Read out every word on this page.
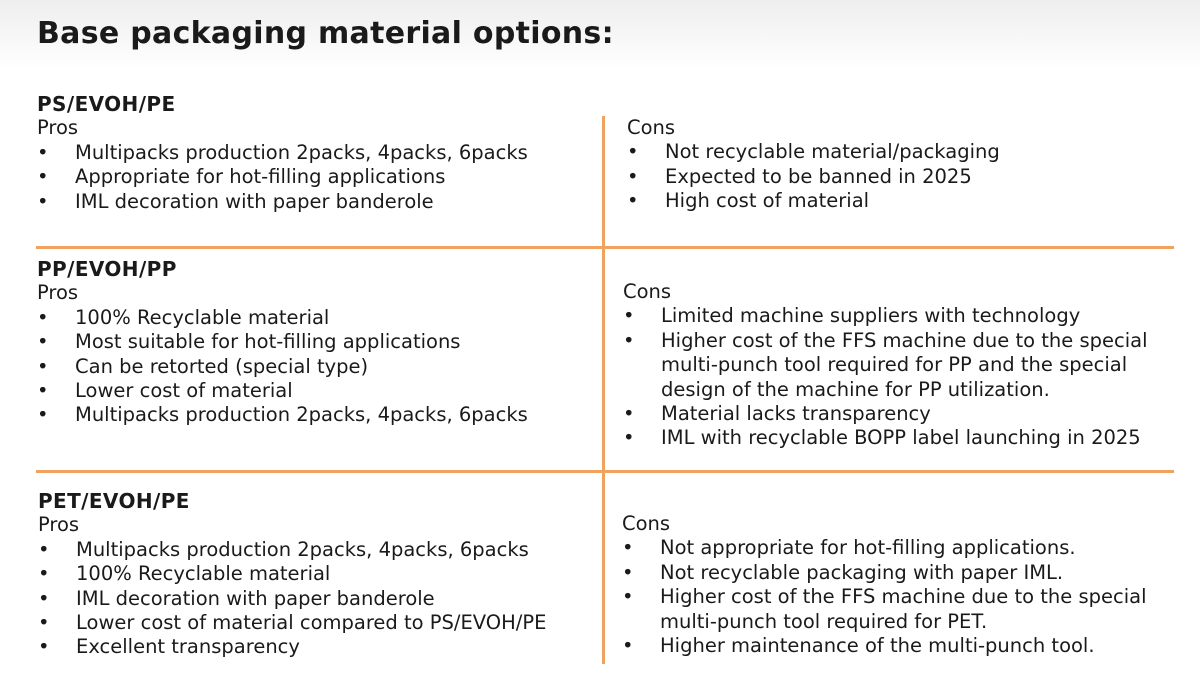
Base packaging material options:
PS/EVOH/PE
Pros
• Multipacks production 2packs, 4packs, 6packs
• Appropriate for hot-filling applications
• IML decoration with paper banderole
Cons
• Not recyclable material/packaging
• Expected to be banned in 2025
• High cost of material
PP/EVOH/PP
Pros
• 100% Recyclable material
• Most suitable for hot-filling applications
• Can be retorted (special type)
• Lower cost of material
• Multipacks production 2packs, 4packs, 6packs
Cons
• Limited machine suppliers with technology
• Higher cost of the FFS machine due to the special multi-punch tool required for PP and the special design of the machine for PP utilization.
• Material lacks transparency
• IML with recyclable BOPP label launching in 2025
PET/EVOH/PE
Pros
• Multipacks production 2packs, 4packs, 6packs
• 100% Recyclable material
• IML decoration with paper banderole
• Lower cost of material compared to PS/EVOH/PE
• Excellent transparency
Cons
• Not appropriate for hot-filling applications.
• Not recyclable packaging with paper IML.
• Higher cost of the FFS machine due to the special multi-punch tool required for PET.
• Higher maintenance of the multi-punch tool.
